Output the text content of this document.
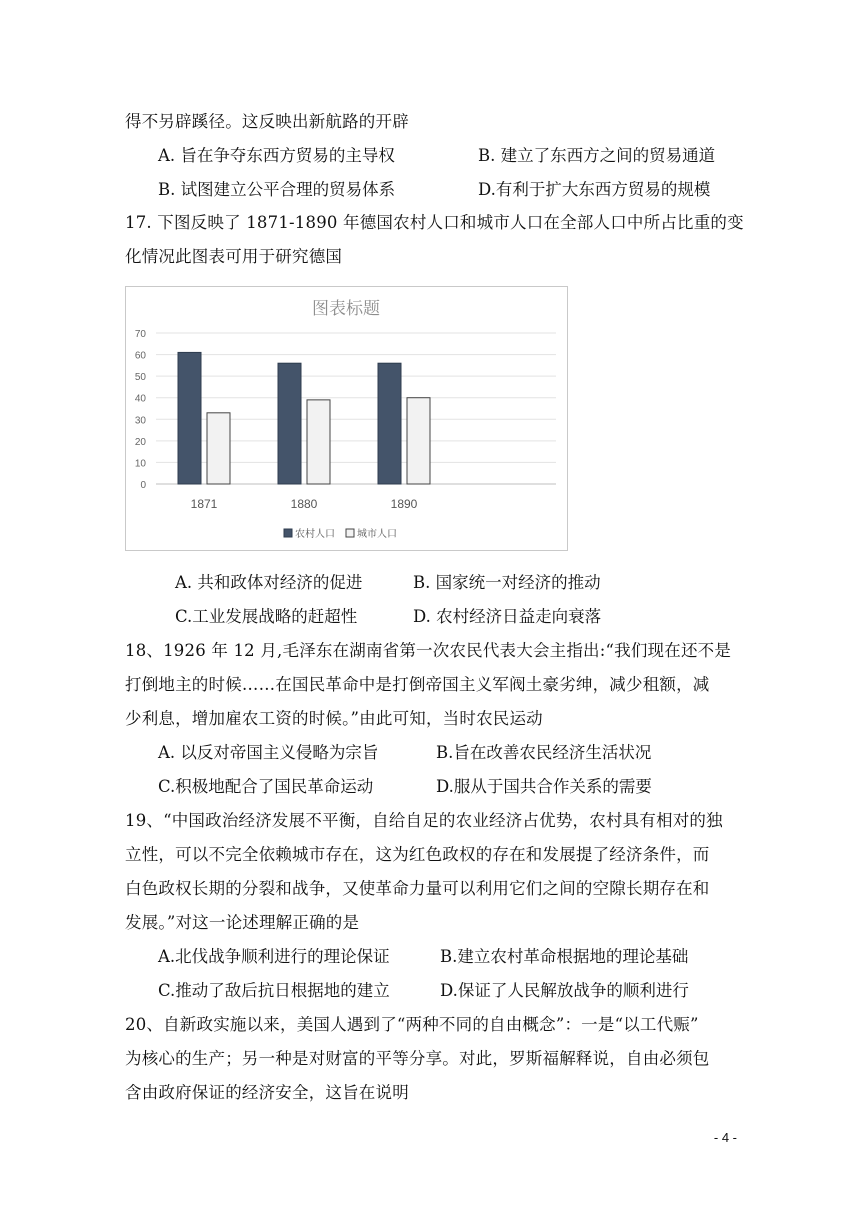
得不另辟蹊径。这反映出新航路的开辟
A. 旨在争夺东西方贸易的主导权	B. 建立了东西方之间的贸易通道
B. 试图建立公平合理的贸易体系	D.有利于扩大东西方贸易的规模
17. 下图反映了 1871-1890 年德国农村人口和城市人口在全部人口中所占比重的变
化情况此图表可用于研究德国
图表标题
0
10
20
30
40
50
60
70
1871	1880	1890
农村人口 城市人口
A. 共和政体对经济的促进	B. 国家统一对经济的推动
C.工业发展战略的赶超性	D. 农村经济日益走向衰落
18、1926 年 12 月,毛泽东在湖南省第一次农民代表大会主指出:“我们现在还不是
打倒地主的时候……在国民革命中是打倒帝国主义军阀土豪劣绅，减少租额，减
少利息，增加雇农工资的时候。”由此可知，当时农民运动
A. 以反对帝国主义侵略为宗旨	B.旨在改善农民经济生活状况
C.积极地配合了国民革命运动	D.服从于国共合作关系的需要
19、“中国政治经济发展不平衡，自给自足的农业经济占优势，农村具有相对的独
立性，可以不完全依赖城市存在，这为红色政权的存在和发展提了经济条件，而
白色政权长期的分裂和战争，又使革命力量可以利用它们之间的空隙长期存在和
发展。”对这一论述理解正确的是
A.北伐战争顺利进行的理论保证	B.建立农村革命根据地的理论基础
C.推动了敌后抗日根据地的建立	D.保证了人民解放战争的顺利进行
20、自新政实施以来，美国人遇到了“两种不同的自由概念”：一是“以工代赈”
为核心的生产；另一种是对财富的平等分享。对此，罗斯福解释说，自由必须包
含由政府保证的经济安全，这旨在说明
- 4 -
